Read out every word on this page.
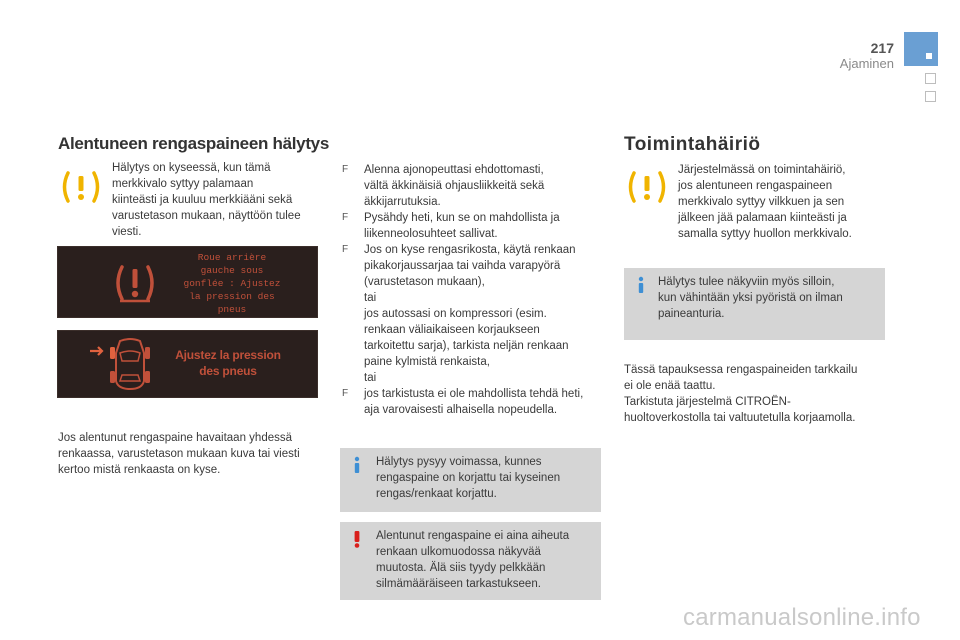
217
Ajaminen
Alentuneen rengaspaineen hälytys
Hälytys on kyseessä, kun tämä
merkkivalo syttyy palamaan
kiinteästi ja kuuluu merkkiääni sekä
varustetason mukaan, näyttöön tulee
viesti.
Roue arrière
gauche sous
gonflée : Ajustez
la pression des
pneus
Ajustez la pression
des pneus
Jos alentunut rengaspaine havaitaan yhdessä
renkaassa, varustetason mukaan kuva tai viesti
kertoo mistä renkaasta on kyse.
F Alenna ajonopeuttasi ehdottomasti,
vältä äkkinäisiä ohjausliikkeitä sekä
äkkijarrutuksia.
F Pysähdy heti, kun se on mahdollista ja
liikenneolosuhteet sallivat.
F Jos on kyse rengasrikosta, käytä renkaan
pikakorjaussarjaa tai vaihda varapyörä
(varustetason mukaan),
tai
jos autossasi on kompressori (esim.
renkaan väliaikaiseen korjaukseen
tarkoitettu sarja), tarkista neljän renkaan
paine kylmistä renkaista,
tai
F jos tarkistusta ei ole mahdollista tehdä heti,
aja varovaisesti alhaisella nopeudella.
Hälytys pysyy voimassa, kunnes
rengaspaine on korjattu tai kyseinen
rengas/renkaat korjattu.
Alentunut rengaspaine ei aina aiheuta
renkaan ulkomuodossa näkyvää
muutosta. Älä siis tyydy pelkkään
silmämääräiseen tarkastukseen.
Toimintahäiriö
Järjestelmässä on toimintahäiriö,
jos alentuneen rengaspaineen
merkkivalo syttyy vilkkuen ja sen
jälkeen jää palamaan kiinteästi ja
samalla syttyy huollon merkkivalo.
Hälytys tulee näkyviin myös silloin,
kun vähintään yksi pyöristä on ilman
paineanturia.
Tässä tapauksessa rengaspaineiden tarkkailu
ei ole enää taattu.
Tarkistuta järjestelmä CITROËN-
huoltoverkostolla tai valtuutetulla korjaamolla.
carmanualsonline.info
